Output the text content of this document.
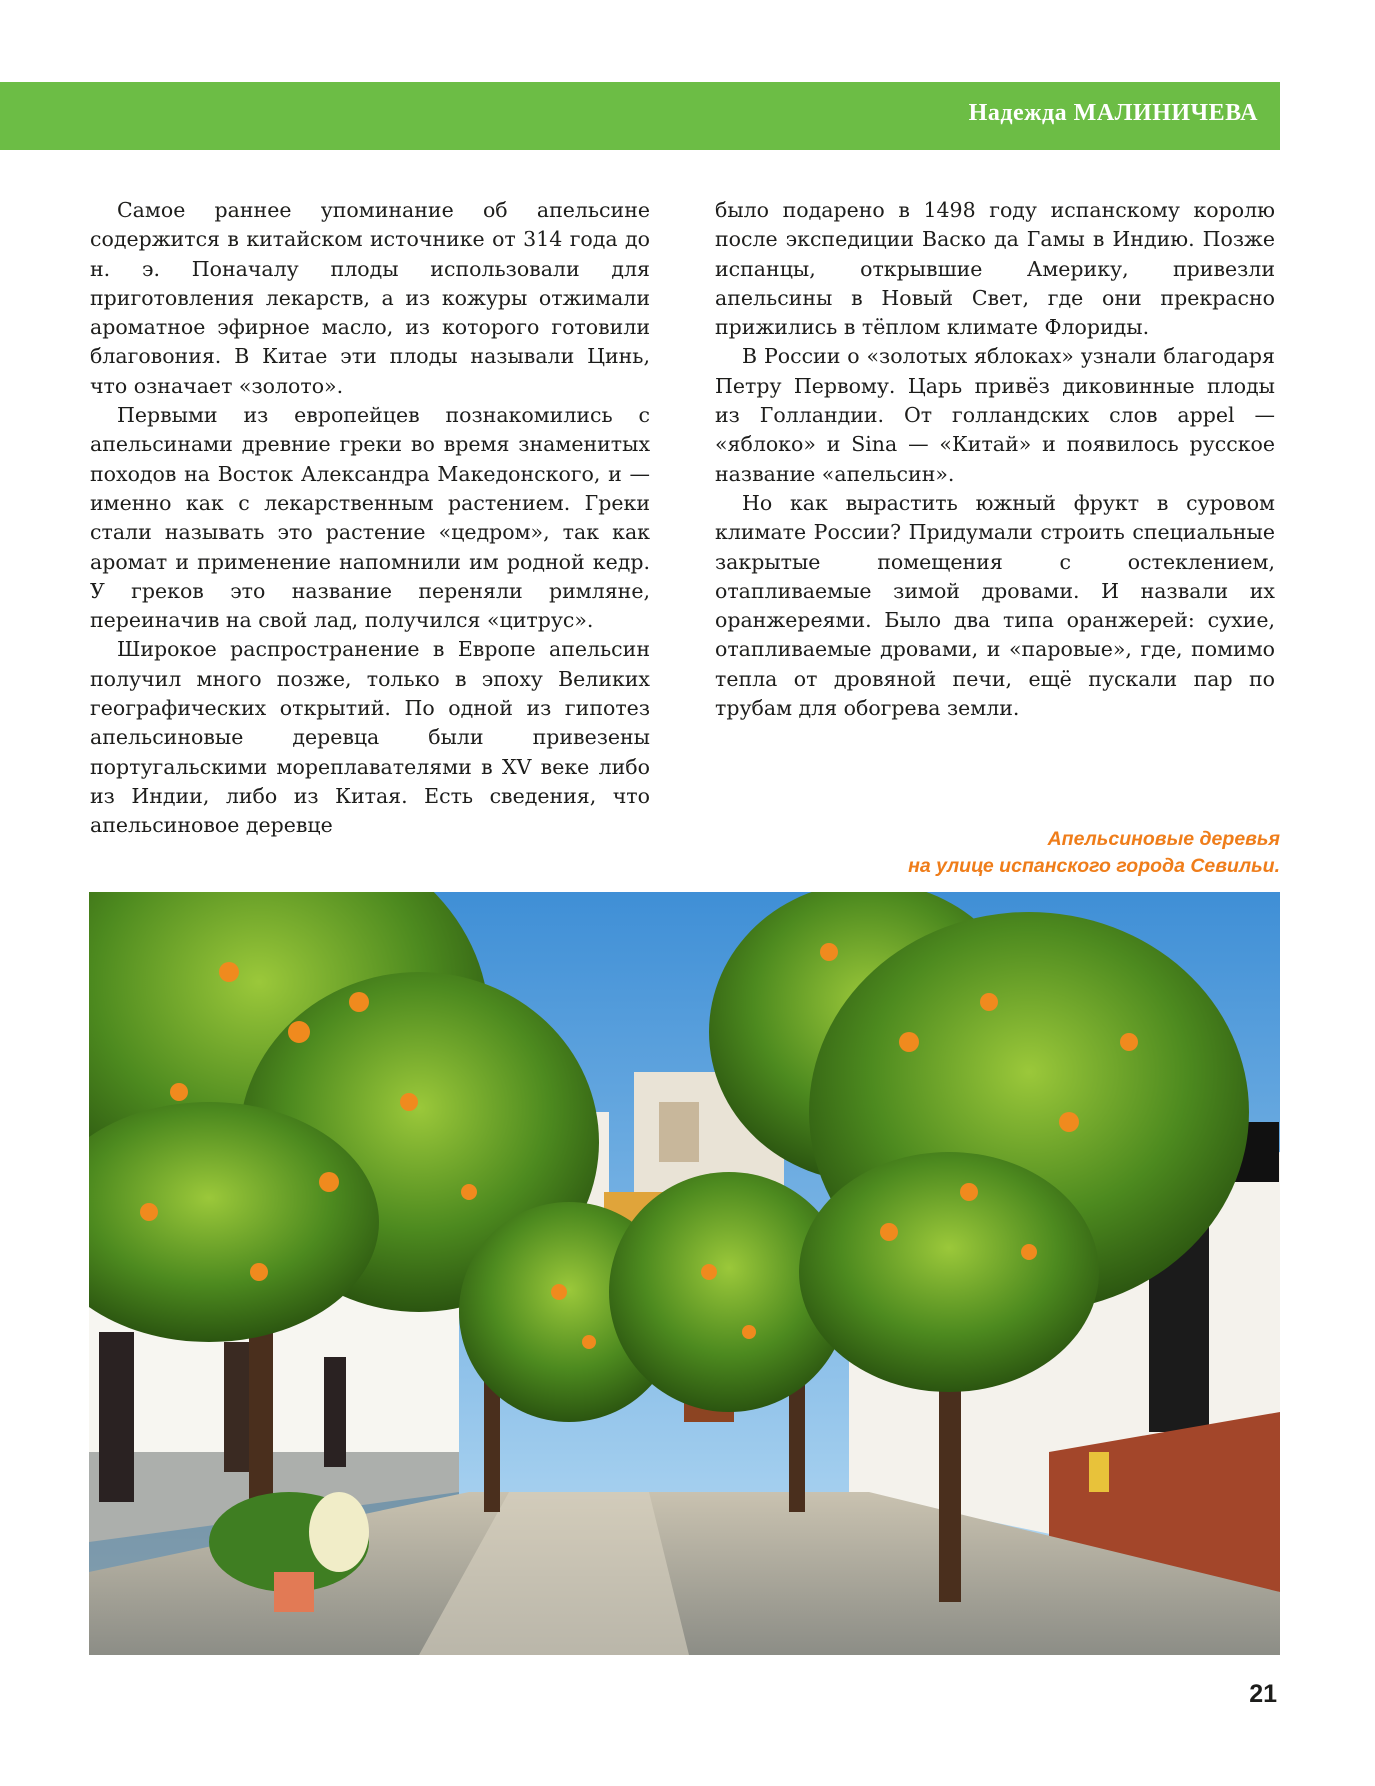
Надежда МАЛИНИЧЕВА

Самое раннее упоминание об апельсине содержится в китайском источнике от 314 года до н. э. Поначалу плоды использовали для приготовления лекарств, а из кожуры отжимали ароматное эфирное масло, из которого готовили благовония. В Китае эти плоды называли Цинь, что означает «золото».

Первыми из европейцев познакомились с апельсинами древние греки во время знаменитых походов на Восток Александра Македонского, и — именно как с лекарственным растением. Греки стали называть это растение «цедром», так как аромат и применение напомнили им родной кедр. У греков это название переняли римляне, переиначив на свой лад, получился «цитрус».

Широкое распространение в Европе апельсин получил много позже, только в эпоху Великих географических открытий. По одной из гипотез апельсиновые деревца были привезены португальскими мореплавателями в XV веке либо из Индии, либо из Китая. Есть сведения, что апельсиновое деревце

было подарено в 1498 году испанскому королю после экспедиции Васко да Гамы в Индию. Позже испанцы, открывшие Америку, привезли апельсины в Новый Свет, где они прекрасно прижились в тёплом климате Флориды.

В России о «золотых яблоках» узнали благодаря Петру Первому. Царь привёз диковинные плоды из Голландии. От голландских слов appel — «яблоко» и Sina — «Китай» и появилось русское название «апельсин».

Но как вырастить южный фрукт в суровом климате России? Придумали строить специальные закрытые помещения с остеклением, отапливаемые зимой дровами. И назвали их оранжереями. Было два типа оранжерей: сухие, отапливаемые дровами, и «паровые», где, помимо тепла от дровяной печи, ещё пускали пар по трубам для обогрева земли.

Апельсиновые деревья
на улице испанского города Севильи.
21
